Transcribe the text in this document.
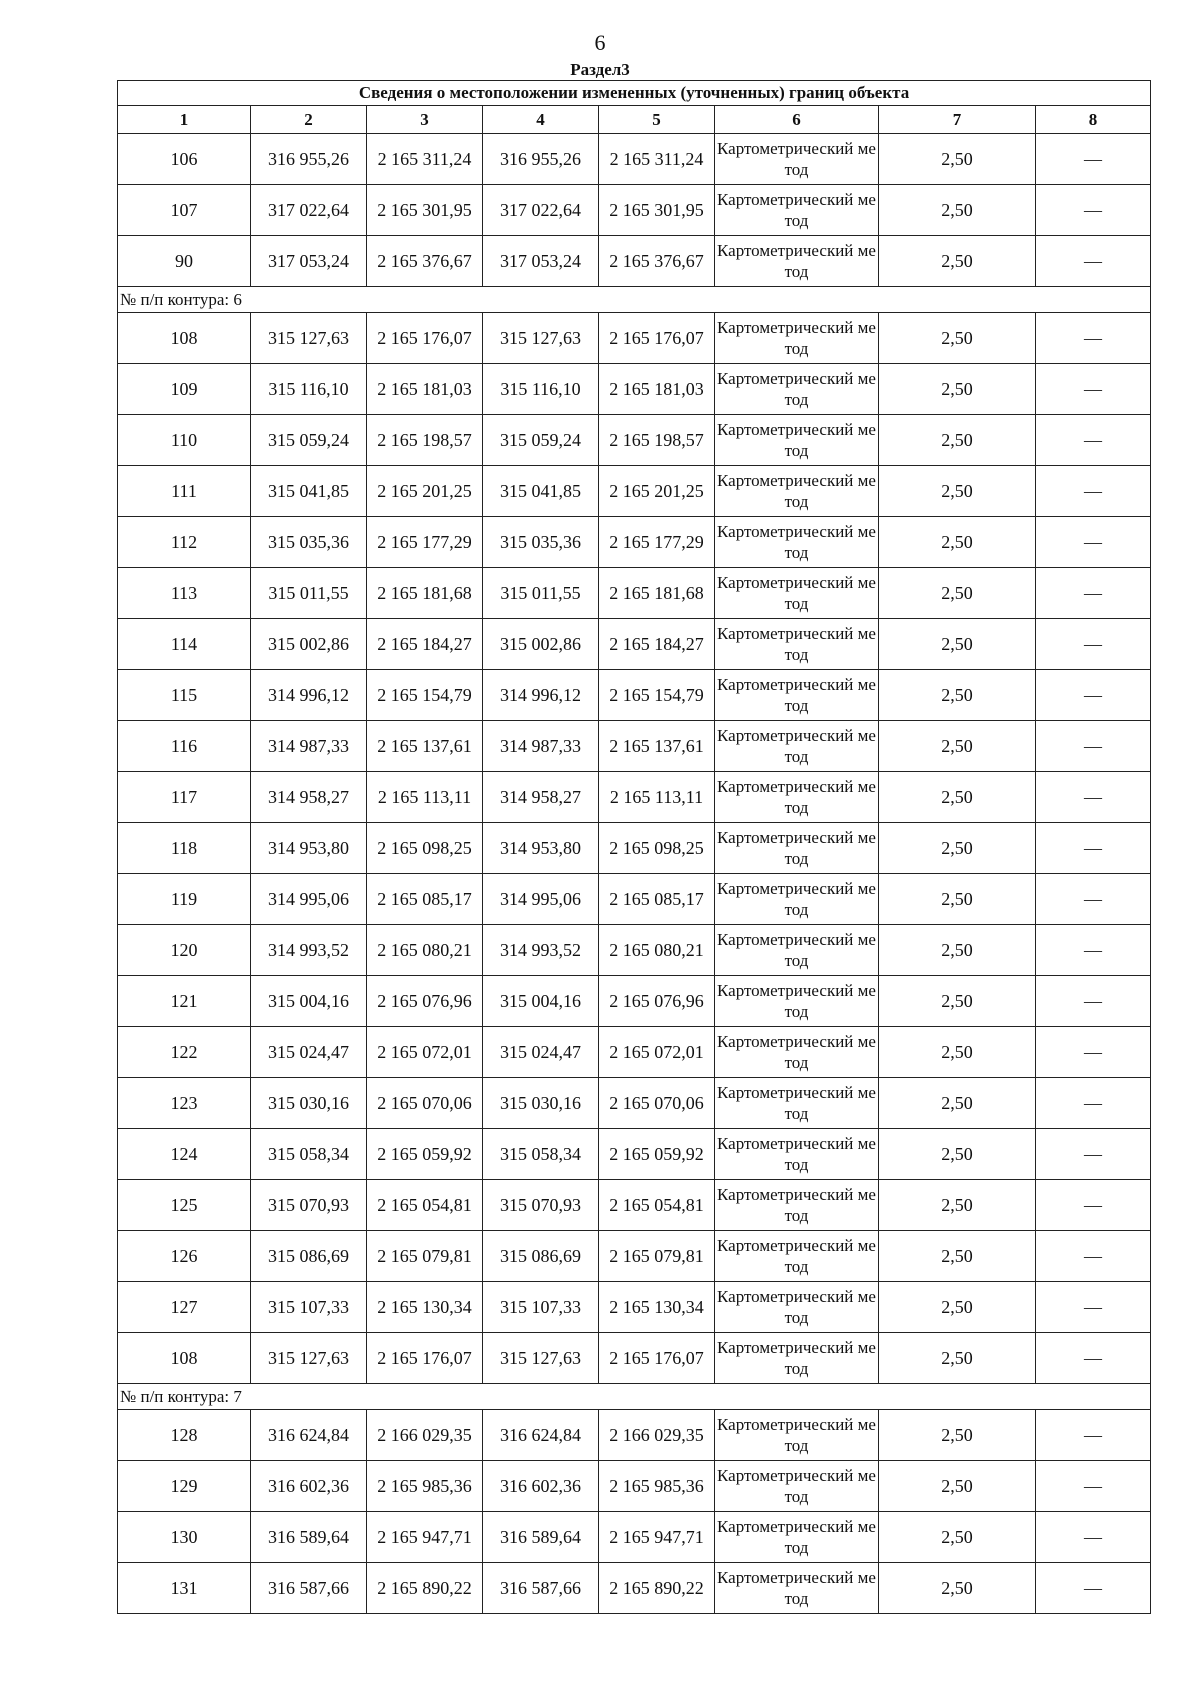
6
Раздел3
Сведения о местоположении измененных (уточненных) границ объекта							
1	2	3	4	5	6	7	8
106	316 955,26	2 165 311,24	316 955,26	2 165 311,24	Картометрический метод	2,50	—
107	317 022,64	2 165 301,95	317 022,64	2 165 301,95	Картометрический метод	2,50	—
90	317 053,24	2 165 376,67	317 053,24	2 165 376,67	Картометрический метод	2,50	—
№ п/п контура: 6							
108	315 127,63	2 165 176,07	315 127,63	2 165 176,07	Картометрический метод	2,50	—
109	315 116,10	2 165 181,03	315 116,10	2 165 181,03	Картометрический метод	2,50	—
110	315 059,24	2 165 198,57	315 059,24	2 165 198,57	Картометрический метод	2,50	—
111	315 041,85	2 165 201,25	315 041,85	2 165 201,25	Картометрический метод	2,50	—
112	315 035,36	2 165 177,29	315 035,36	2 165 177,29	Картометрический метод	2,50	—
113	315 011,55	2 165 181,68	315 011,55	2 165 181,68	Картометрический метод	2,50	—
114	315 002,86	2 165 184,27	315 002,86	2 165 184,27	Картометрический метод	2,50	—
115	314 996,12	2 165 154,79	314 996,12	2 165 154,79	Картометрический метод	2,50	—
116	314 987,33	2 165 137,61	314 987,33	2 165 137,61	Картометрический метод	2,50	—
117	314 958,27	2 165 113,11	314 958,27	2 165 113,11	Картометрический метод	2,50	—
118	314 953,80	2 165 098,25	314 953,80	2 165 098,25	Картометрический метод	2,50	—
119	314 995,06	2 165 085,17	314 995,06	2 165 085,17	Картометрический метод	2,50	—
120	314 993,52	2 165 080,21	314 993,52	2 165 080,21	Картометрический метод	2,50	—
121	315 004,16	2 165 076,96	315 004,16	2 165 076,96	Картометрический метод	2,50	—
122	315 024,47	2 165 072,01	315 024,47	2 165 072,01	Картометрический метод	2,50	—
123	315 030,16	2 165 070,06	315 030,16	2 165 070,06	Картометрический метод	2,50	—
124	315 058,34	2 165 059,92	315 058,34	2 165 059,92	Картометрический метод	2,50	—
125	315 070,93	2 165 054,81	315 070,93	2 165 054,81	Картометрический метод	2,50	—
126	315 086,69	2 165 079,81	315 086,69	2 165 079,81	Картометрический метод	2,50	—
127	315 107,33	2 165 130,34	315 107,33	2 165 130,34	Картометрический метод	2,50	—
108	315 127,63	2 165 176,07	315 127,63	2 165 176,07	Картометрический метод	2,50	—
№ п/п контура: 7							
128	316 624,84	2 166 029,35	316 624,84	2 166 029,35	Картометрический метод	2,50	—
129	316 602,36	2 165 985,36	316 602,36	2 165 985,36	Картометрический метод	2,50	—
130	316 589,64	2 165 947,71	316 589,64	2 165 947,71	Картометрический метод	2,50	—
131	316 587,66	2 165 890,22	316 587,66	2 165 890,22	Картометрический метод	2,50	—
